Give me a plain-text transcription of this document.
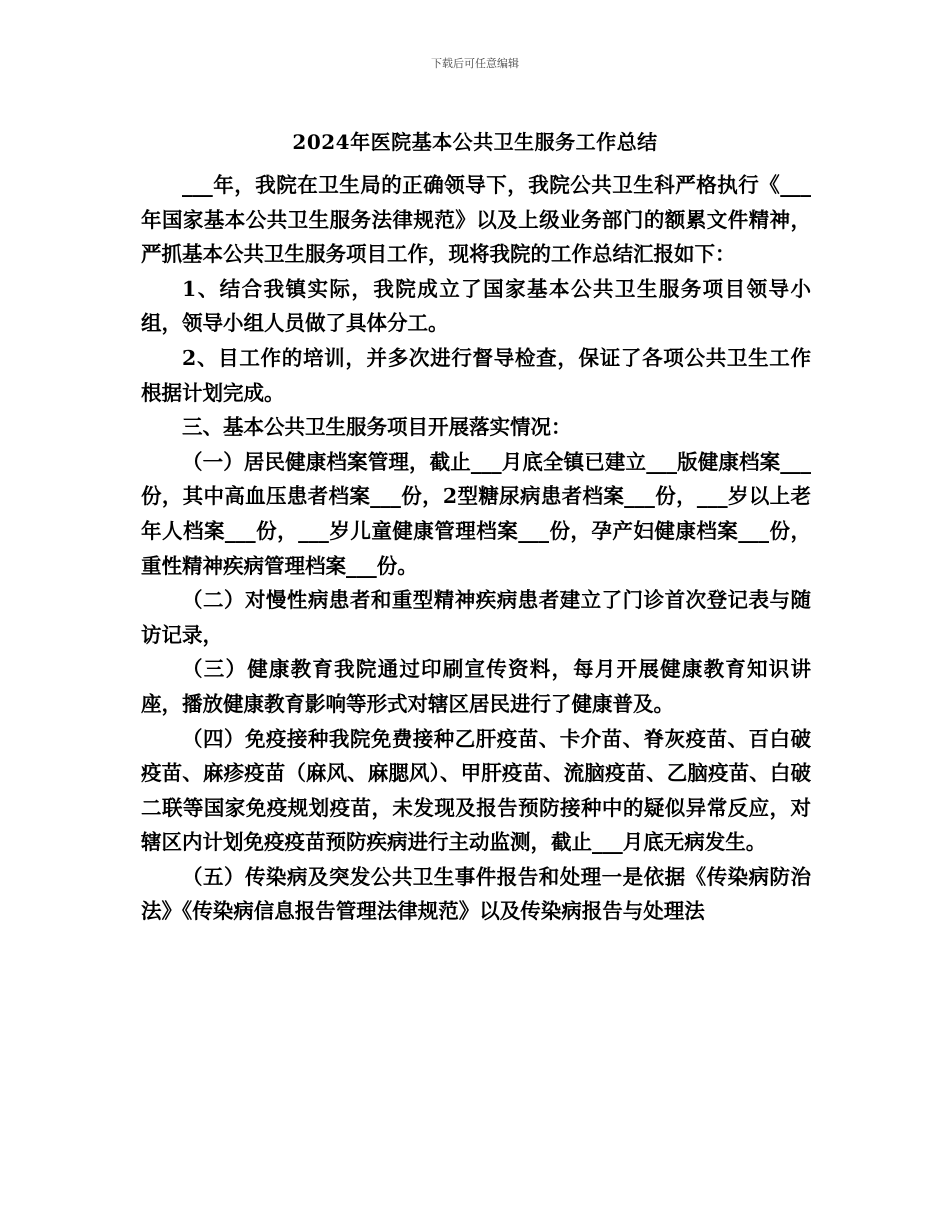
下载后可任意编辑
2024年医院基本公共卫生服务工作总结

___年，我院在卫生局的正确领导下，我院公共卫生科严格执行《___年国家基本公共卫生服务法律规范》以及上级业务部门的额累文件精神，严抓基本公共卫生服务项目工作，现将我院的工作总结汇报如下：

1、结合我镇实际，我院成立了国家基本公共卫生服务项目领导小组，领导小组人员做了具体分工。

2、目工作的培训，并多次进行督导检查，保证了各项公共卫生工作根据计划完成。

三、基本公共卫生服务项目开展落实情况：

（一）居民健康档案管理，截止___月底全镇已建立___版健康档案___份，其中高血压患者档案___份，2型糖尿病患者档案___份，___岁以上老年人档案___份，___岁儿童健康管理档案___份，孕产妇健康档案___份，重性精神疾病管理档案___份。

（二）对慢性病患者和重型精神疾病患者建立了门诊首次登记表与随访记录，

（三）健康教育我院通过印刷宣传资料，每月开展健康教育知识讲座，播放健康教育影响等形式对辖区居民进行了健康普及。

（四）免疫接种我院免费接种乙肝疫苗、卡介苗、脊灰疫苗、百白破疫苗、麻疹疫苗（麻风、麻腮风）、甲肝疫苗、流脑疫苗、乙脑疫苗、白破二联等国家免疫规划疫苗，未发现及报告预防接种中的疑似异常反应，对辖区内计划免疫疫苗预防疾病进行主动监测，截止___月底无病发生。

（五）传染病及突发公共卫生事件报告和处理一是依据《传染病防治法》《传染病信息报告管理法律规范》以及传染病报告与处理法
